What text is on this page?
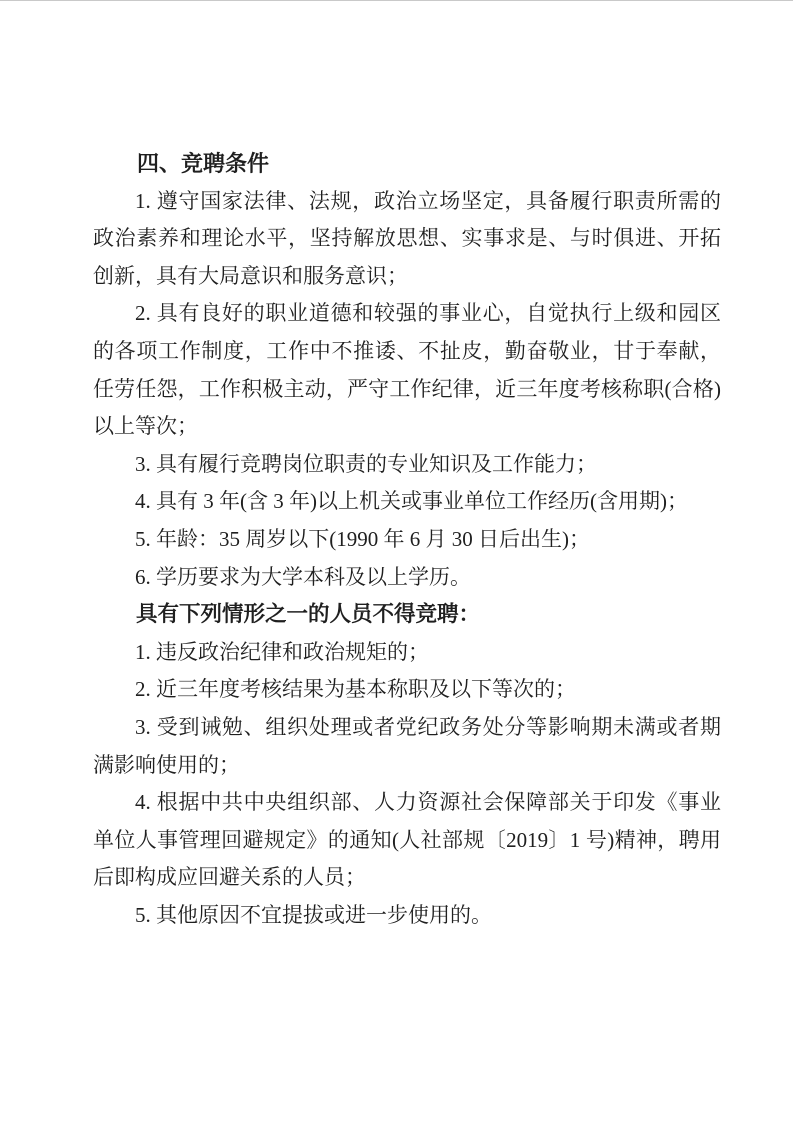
四、竞聘条件

1. 遵守国家法律、法规，政治立场坚定，具备履行职责所需的政治素养和理论水平，坚持解放思想、实事求是、与时俱进、开拓创新，具有大局意识和服务意识；

2. 具有良好的职业道德和较强的事业心，自觉执行上级和园区的各项工作制度，工作中不推诿、不扯皮，勤奋敬业，甘于奉献，任劳任怨，工作积极主动，严守工作纪律，近三年度考核称职(合格)以上等次；

3. 具有履行竞聘岗位职责的专业知识及工作能力；

4. 具有 3 年(含 3 年)以上机关或事业单位工作经历(含用期)；

5. 年龄：35 周岁以下(1990 年 6 月 30 日后出生)；

6. 学历要求为大学本科及以上学历。

具有下列情形之一的人员不得竞聘：

1. 违反政治纪律和政治规矩的；

2. 近三年度考核结果为基本称职及以下等次的；

3. 受到诫勉、组织处理或者党纪政务处分等影响期未满或者期满影响使用的；

4. 根据中共中央组织部、人力资源社会保障部关于印发《事业单位人事管理回避规定》的通知(人社部规〔2019〕1 号)精神，聘用后即构成应回避关系的人员；

5. 其他原因不宜提拔或进一步使用的。
